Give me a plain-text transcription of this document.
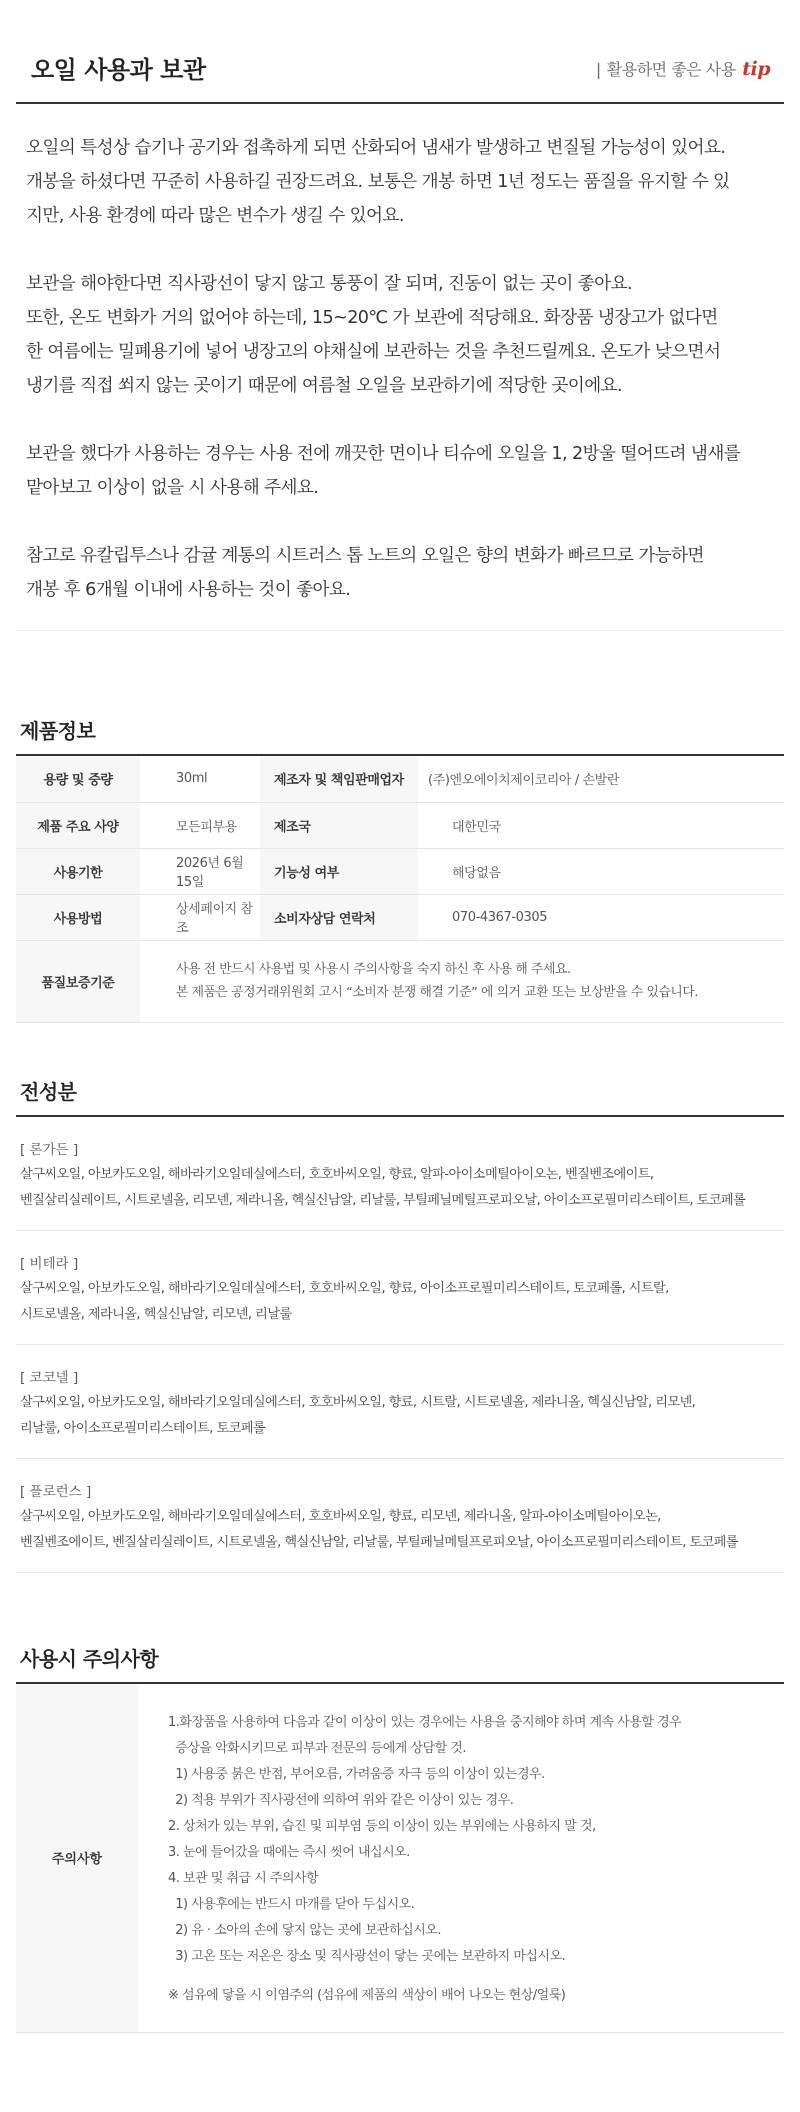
오일 사용과 보관	| 활용하면 좋은 사용 tip

오일의 특성상 습기나 공기와 접촉하게 되면 산화되어 냄새가 발생하고 변질될 가능성이 있어요.
개봉을 하셨다면 꾸준히 사용하길 권장드려요. 보통은 개봉 하면 1년 정도는 품질을 유지할 수 있
지만, 사용 환경에 따라 많은 변수가 생길 수 있어요.

보관을 해야한다면 직사광선이 닿지 않고 통풍이 잘 되며, 진동이 없는 곳이 좋아요.
또한, 온도 변화가 거의 없어야 하는데, 15~20℃ 가 보관에 적당해요. 화장품 냉장고가 없다면
한 여름에는 밀폐용기에 넣어 냉장고의 야채실에 보관하는 것을 추천드릴께요. 온도가 낮으면서
냉기를 직접 쐬지 않는 곳이기 때문에 여름철 오일을 보관하기에 적당한 곳이에요.

보관을 했다가 사용하는 경우는 사용 전에 깨끗한 면이나 티슈에 오일을 1, 2방울 떨어뜨려 냄새를
맡아보고 이상이 없을 시 사용해 주세요.

참고로 유칼립투스나 감귤 계통의 시트러스 톱 노트의 오일은 향의 변화가 빠르므로 가능하면
개봉 후 6개월 이내에 사용하는 것이 좋아요.

제품정보
용량 및 중량	30ml	제조자 및 책임판매업자	(주)엔오에이치제이코리아 / 손발란
제품 주요 사양	모든피부용	제조국	대한민국
사용기한	2026년 6월 15일	기능성 여부	해당없음
사용방법	상세페이지 참조	소비자상담 연락처	070-4367-0305
품질보증기준	사용 전 반드시 사용법 및 사용시 주의사항을 숙지 하신 후 사용 해 주세요.
본 제품은 공정거래위원회 고시 “소비자 분쟁 해결 기준” 에 의거 교환 또는 보상받을 수 있습니다.		
전성분
[ 론가든 ]
살구씨오일, 아보카도오일, 해바라기오일데실에스터, 호호바씨오일, 향료, 알파-아이소메틸아이오논, 벤질벤조에이트,
벤질살리실레이트, 시트로넬올, 리모넨, 제라니올, 헥실신남알, 리날룰, 부틸페닐메틸프로피오날, 아이소프로필미리스테이트, 토코페롤
[ 비테라 ]
살구씨오일, 아보카도오일, 해바라기오일데실에스터, 호호바씨오일, 향료, 아이소프로필미리스테이트, 토코페롤, 시트랄,
시트로넬올, 제라니올, 헥실신남알, 리모넨, 리날룰
[ 코코넬 ]
살구씨오일, 아보카도오일, 해바라기오일데실에스터, 호호바씨오일, 향료, 시트랄, 시트로넬올, 제라니올, 헥실신남알, 리모넨,
리날룰, 아이소프로필미리스테이트, 토코페롤
[ 플로런스 ]
살구씨오일, 아보카도오일, 해바라기오일데실에스터, 호호바씨오일, 향료, 리모넨, 제라니올, 알파-아이소메틸아이오논,
벤질벤조에이트, 벤질살리실레이트, 시트로넬올, 헥실신남알, 리날룰, 부틸페닐메틸프로피오날, 아이소프로필미리스테이트, 토코페롤
사용시 주의사항
주의사항
1.화장품을 사용하여 다음과 같이 이상이 있는 경우에는 사용을 중지해야 하며 계속 사용할 경우
증상을 악화시키므로 피부과 전문의 등에게 상담할 것.
1) 사용중 붉은 반점, 부어오름, 가려움증 자극 등의 이상이 있는경우.
2) 적용 부위가 직사광선에 의하여 위와 같은 이상이 있는 경우.
2. 상처가 있는 부위, 습진 및 피부염 등의 이상이 있는 부위에는 사용하지 말 것,
3. 눈에 들어갔을 때에는 즉시 씻어 내십시오.
4. 보관 및 취급 시 주의사항
1) 사용후에는 반드시 마개를 닫아 두십시오.
2) 유 · 소아의 손에 닿지 않는 곳에 보관하십시오.
3) 고온 또는 저온은 장소 및 직사광선이 닿는 곳에는 보관하지 마십시오.
※ 섬유에 닿을 시 이염주의 (섬유에 제품의 색상이 배어 나오는 현상/얼룩)
